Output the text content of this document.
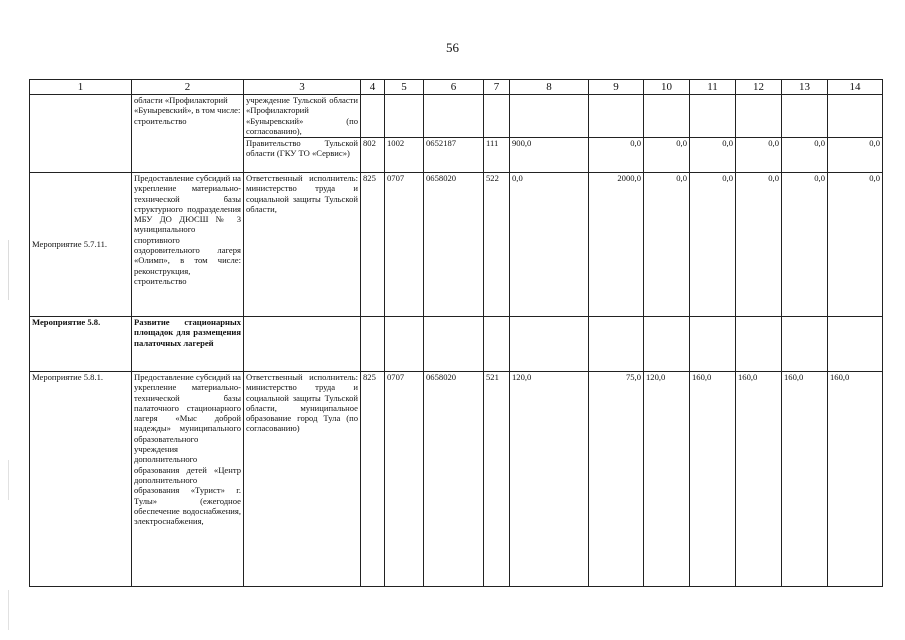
56
1	2	3	4	5	6	7	8	9	10	11	12	13	14
	области «Профилакторий «Буныревский», в том числе: строительство	учреждение Тульской области «Профилакторий «Буныревский» (по согласованию),											
		Правительство Тульской области (ГКУ ТО «Сервис»)	802	1002	0652187	111	900,0	0,0	0,0	0,0	0,0	0,0	0,0
Мероприятие 5.7.11.	Предоставление субсидий на укрепление материально-технической базы структурного подразделения МБУ ДО ДЮСШ № 3 муниципального спортивного оздоровительного лагеря «Олимп», в том числе: реконструкция, строительство	Ответственный исполнитель: министерство труда и социальной защиты Тульской области,	825	0707	0658020	522	0,0	2000,0	0,0	0,0	0,0	0,0	0,0
Мероприятие 5.8.	Развитие стационарных площадок для размещения палаточных лагерей												
Мероприятие 5.8.1.	Предоставление субсидий на укрепление материально-технической базы палаточного стационарного лагеря «Мыс доброй надежды» муниципального образовательного учреждения дополнительного образования детей «Центр дополнительного образования «Турист» г. Тулы» (ежегодное обеспечение водоснабжения, электроснабжения,	Ответственный исполнитель: министерство труда и социальной защиты Тульской области, муниципальное образование город Тула (по согласованию)	825	0707	0658020	521	120,0	75,0	120,0	160,0	160,0	160,0	160,0
